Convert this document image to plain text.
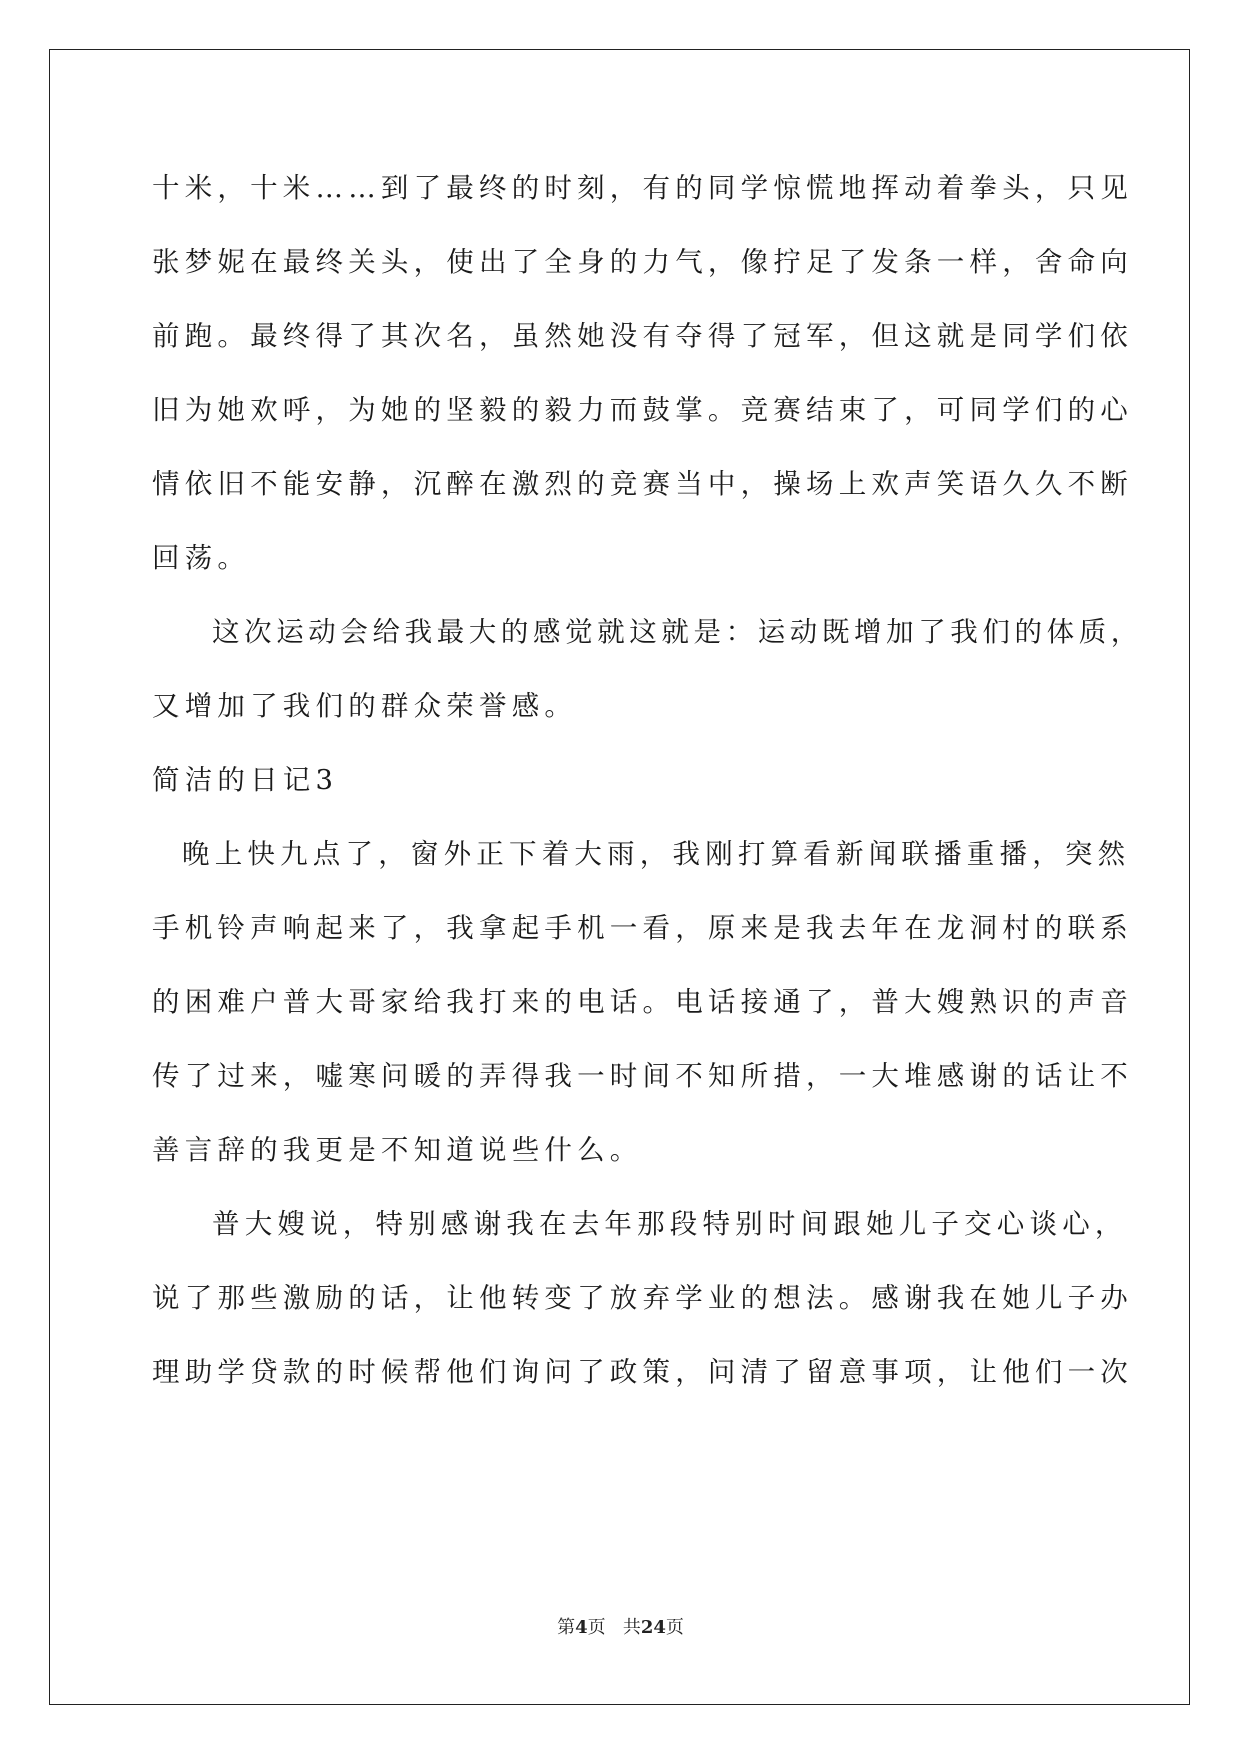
十米，十米……到了最终的时刻，有的同学惊慌地挥动着拳头，只见
张梦妮在最终关头，使出了全身的力气，像拧足了发条一样，舍命向
前跑。最终得了其次名，虽然她没有夺得了冠军，但这就是同学们依
旧为她欢呼，为她的坚毅的毅力而鼓掌。竞赛结束了，可同学们的心
情依旧不能安静，沉醉在激烈的竞赛当中，操场上欢声笑语久久不断
回荡。
这次运动会给我最大的感觉就这就是：运动既增加了我们的体质，
又增加了我们的群众荣誉感。
简洁的日记3
晚上快九点了，窗外正下着大雨，我刚打算看新闻联播重播，突然
手机铃声响起来了，我拿起手机一看，原来是我去年在龙洞村的联系
的困难户普大哥家给我打来的电话。电话接通了，普大嫂熟识的声音
传了过来，嘘寒问暖的弄得我一时间不知所措，一大堆感谢的话让不
善言辞的我更是不知道说些什么。
普大嫂说，特别感谢我在去年那段特别时间跟她儿子交心谈心，
说了那些激励的话，让他转变了放弃学业的想法。感谢我在她儿子办
理助学贷款的时候帮他们询问了政策，问清了留意事项，让他们一次
第4页 共24页
